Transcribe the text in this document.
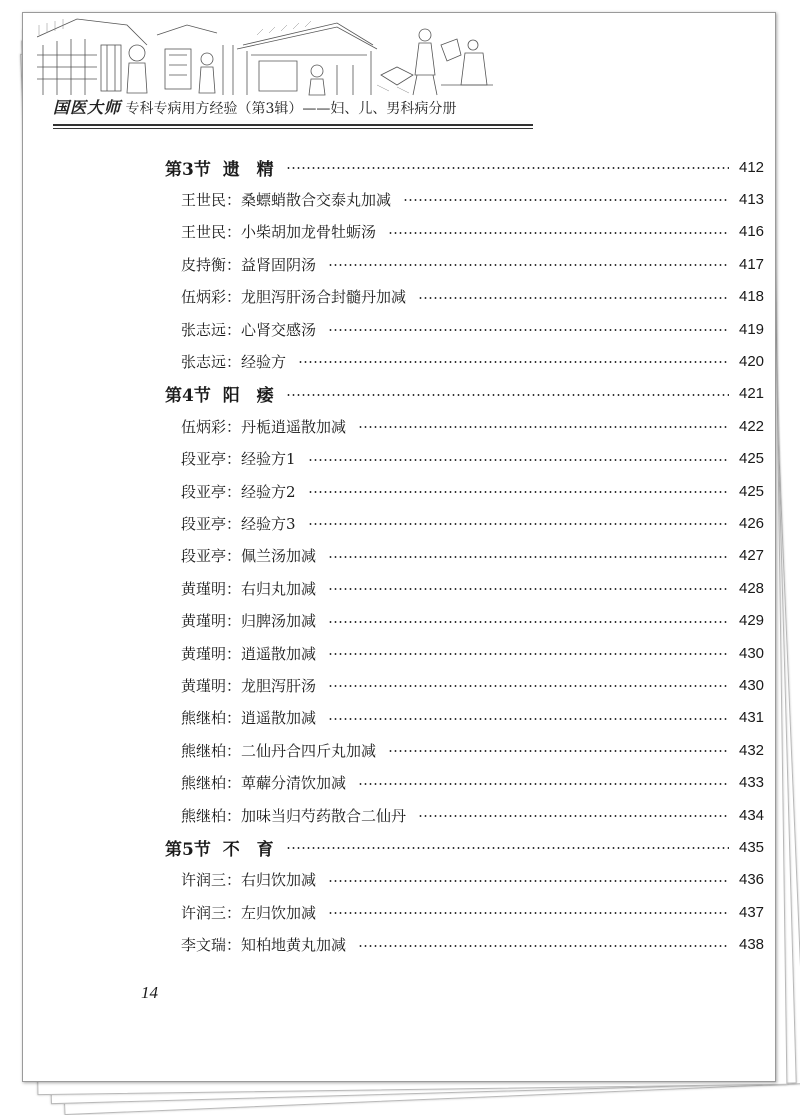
国医大师 专科专病用方经验（第3辑）——妇、儿、男科病分册
第3节 遗　精	412
王世民：桑螵蛸散合交泰丸加减	413
王世民：小柴胡加龙骨牡蛎汤	416
皮持衡：益肾固阴汤	417
伍炳彩：龙胆泻肝汤合封髓丹加减	418
张志远：心肾交感汤	419
张志远：经验方	420
第4节 阳　痿	421
伍炳彩：丹栀逍遥散加减	422
段亚亭：经验方1	425
段亚亭：经验方2	425
段亚亭：经验方3	426
段亚亭：佩兰汤加减	427
黄瑾明：右归丸加减	428
黄瑾明：归脾汤加减	429
黄瑾明：逍遥散加减	430
黄瑾明：龙胆泻肝汤	430
熊继柏：逍遥散加减	431
熊继柏：二仙丹合四斤丸加减	432
熊继柏：萆薢分清饮加减	433
熊继柏：加味当归芍药散合二仙丹	434
第5节 不　育	435
许润三：右归饮加减	436
许润三：左归饮加减	437
李文瑞：知柏地黄丸加减	438
14
